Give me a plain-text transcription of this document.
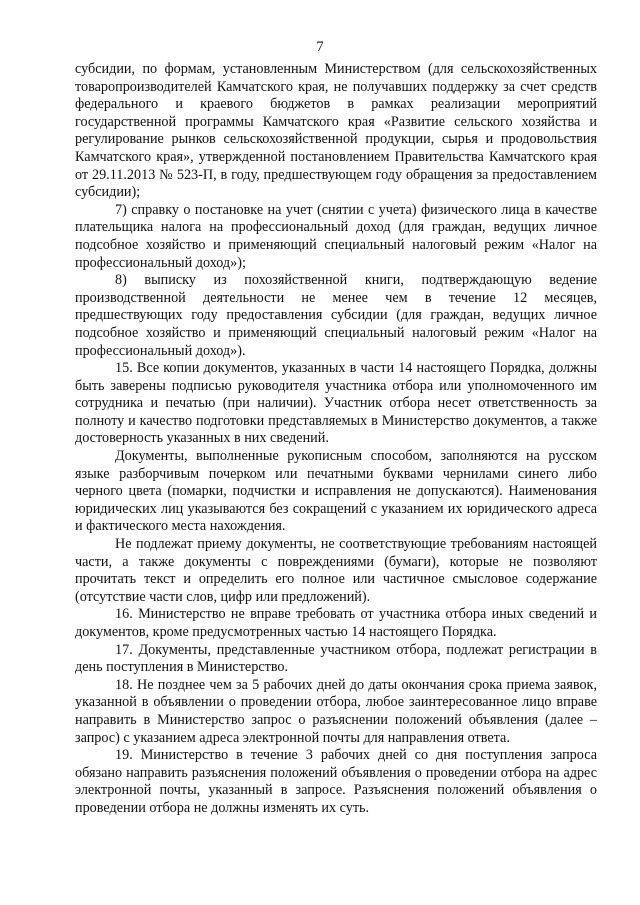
7

субсидии, по формам, установленным Министерством (для сельскохозяйственных товаропроизводителей Камчатского края, не получавших поддержку за счет средств федерального и краевого бюджетов в рамках реализации мероприятий государственной программы Камчатского края «Развитие сельского хозяйства и регулирование рынков сельскохозяйственной продукции, сырья и продовольствия Камчатского края», утвержденной постановлением Правительства Камчатского края от 29.11.2013 № 523-П, в году, предшествующем году обращения за предоставлением субсидии);

7) справку о постановке на учет (снятии с учета) физического лица в качестве плательщика налога на профессиональный доход (для граждан, ведущих личное подсобное хозяйство и применяющий специальный налоговый режим «Налог на профессиональный доход»);

8) выписку из похозяйственной книги, подтверждающую ведение производственной деятельности не менее чем в течение 12 месяцев, предшествующих году предоставления субсидии (для граждан, ведущих личное подсобное хозяйство и применяющий специальный налоговый режим «Налог на профессиональный доход»).

15. Все копии документов, указанных в части 14 настоящего Порядка, должны быть заверены подписью руководителя участника отбора или уполномоченного им сотрудника и печатью (при наличии). Участник отбора несет ответственность за полноту и качество подготовки представляемых в Министерство документов, а также достоверность указанных в них сведений.

Документы, выполненные рукописным способом, заполняются на русском языке разборчивым почерком или печатными буквами чернилами синего либо черного цвета (помарки, подчистки и исправления не допускаются). Наименования юридических лиц указываются без сокращений с указанием их юридического адреса и фактического места нахождения.

Не подлежат приему документы, не соответствующие требованиям настоящей части, а также документы с повреждениями (бумаги), которые не позволяют прочитать текст и определить его полное или частичное смысловое содержание (отсутствие части слов, цифр или предложений).

16. Министерство не вправе требовать от участника отбора иных сведений и документов, кроме предусмотренных частью 14 настоящего Порядка.

17. Документы, представленные участником отбора, подлежат регистрации в день поступления в Министерство.

18. Не позднее чем за 5 рабочих дней до даты окончания срока приема заявок, указанной в объявлении о проведении отбора, любое заинтересованное лицо вправе направить в Министерство запрос о разъяснении положений объявления (далее – запрос) с указанием адреса электронной почты для направления ответа.

19. Министерство в течение 3 рабочих дней со дня поступления запроса обязано направить разъяснения положений объявления о проведении отбора на адрес электронной почты, указанный в запросе. Разъяснения положений объявления о проведении отбора не должны изменять их суть.
